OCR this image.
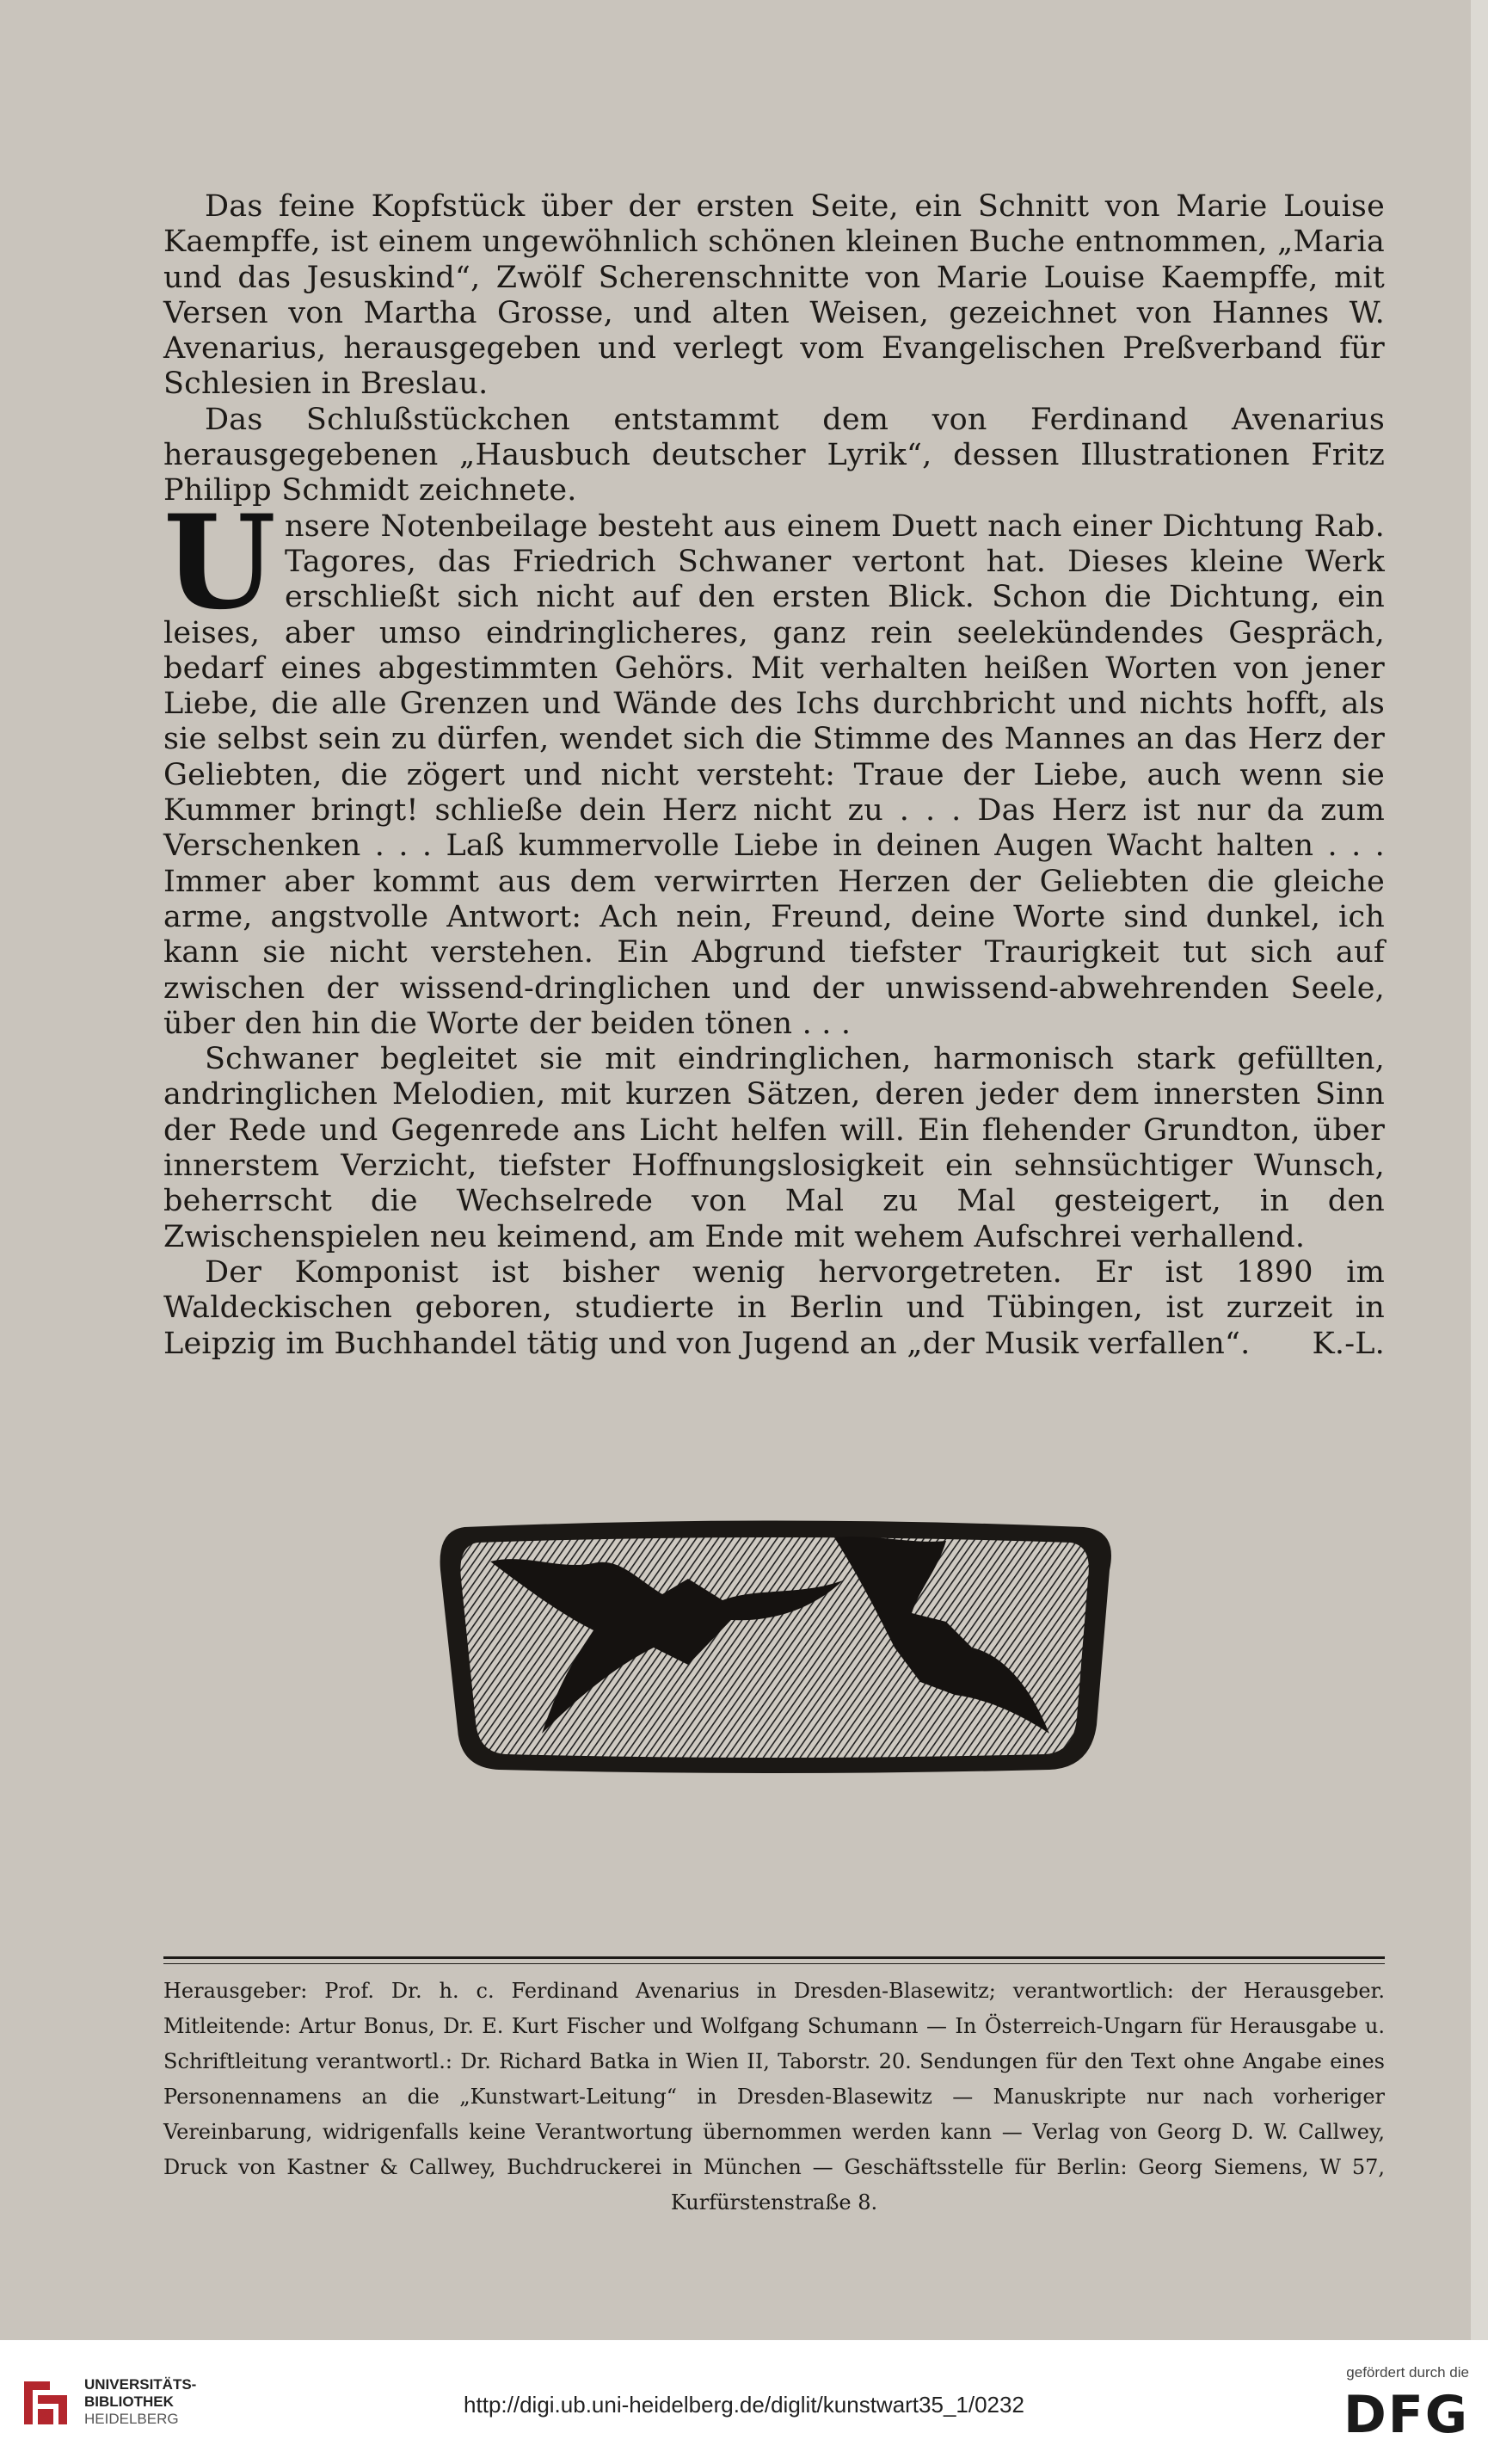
Das feine Kopfstück über der ersten Seite, ein Schnitt von Marie Louise Kaempffe, ist einem ungewöhnlich schönen kleinen Buche entnommen, „Maria und das Jesuskind“, Zwölf Scherenschnitte von Marie Louise Kaempffe, mit Versen von Martha Grosse, und alten Weisen, gezeichnet von Hannes W. Avenarius, herausgegeben und verlegt vom Evangelischen Preßverband für Schlesien in Breslau.

Das Schlußstückchen entstammt dem von Ferdinand Avenarius herausgegebenen „Hausbuch deutscher Lyrik“, dessen Illustrationen Fritz Philipp Schmidt zeichnete.

Unsere Notenbeilage besteht aus einem Duett nach einer Dichtung Rab. Tagores, das Friedrich Schwaner vertont hat. Dieses kleine Werk erschließt sich nicht auf den ersten Blick. Schon die Dichtung, ein leises, aber umso eindringlicheres, ganz rein seelekündendes Gespräch, bedarf eines abgestimmten Gehörs. Mit verhalten heißen Worten von jener Liebe, die alle Grenzen und Wände des Ichs durchbricht und nichts hofft, als sie selbst sein zu dürfen, wendet sich die Stimme des Mannes an das Herz der Geliebten, die zögert und nicht versteht: Traue der Liebe, auch wenn sie Kummer bringt! schließe dein Herz nicht zu . . . Das Herz ist nur da zum Verschenken . . . Laß kummervolle Liebe in deinen Augen Wacht halten . . . Immer aber kommt aus dem verwirrten Herzen der Geliebten die gleiche arme, angstvolle Antwort: Ach nein, Freund, deine Worte sind dunkel, ich kann sie nicht verstehen. Ein Abgrund tiefster Traurigkeit tut sich auf zwischen der wissend-dringlichen und der unwissend-abwehrenden Seele, über den hin die Worte der beiden tönen . . .

Schwaner begleitet sie mit eindringlichen, harmonisch stark gefüllten, andringlichen Melodien, mit kurzen Sätzen, deren jeder dem innersten Sinn der Rede und Gegenrede ans Licht helfen will. Ein flehender Grundton, über innerstem Verzicht, tiefster Hoffnungslosigkeit ein sehnsüchtiger Wunsch, beherrscht die Wechselrede von Mal zu Mal gesteigert, in den Zwischenspielen neu keimend, am Ende mit wehem Aufschrei verhallend.

Der Komponist ist bisher wenig hervorgetreten. Er ist 1890 im Waldeckischen geboren, studierte in Berlin und Tübingen, ist zurzeit in Leipzig im Buchhandel tätig und von Jugend an „der Musik verfallen“.	K.-L.

Herausgeber: Prof. Dr. h. c. Ferdinand Avenarius in Dresden-Blasewitz; verantwortlich: der Herausgeber. Mitleitende: Artur Bonus, Dr. E. Kurt Fischer und Wolfgang Schumann — In Österreich-Ungarn für Herausgabe u. Schriftleitung verantwortl.: Dr. Richard Batka in Wien II, Taborstr. 20. Sendungen für den Text ohne Angabe eines Personennamens an die „Kunstwart-Leitung“ in Dresden-Blasewitz — Manuskripte nur nach vorheriger Vereinbarung, widrigenfalls keine Verantwortung übernommen werden kann — Verlag von Georg D. W. Callwey, Druck von Kastner & Callwey, Buchdruckerei in München — Geschäftsstelle für Berlin: Georg Siemens, W 57, Kurfürstenstraße 8.

UNIVERSITÄTS-
BIBLIOTHEK
HEIDELBERG
http://digi.ub.uni-heidelberg.de/diglit/kunstwart35_1/0232
gefördert durch die
DFG
